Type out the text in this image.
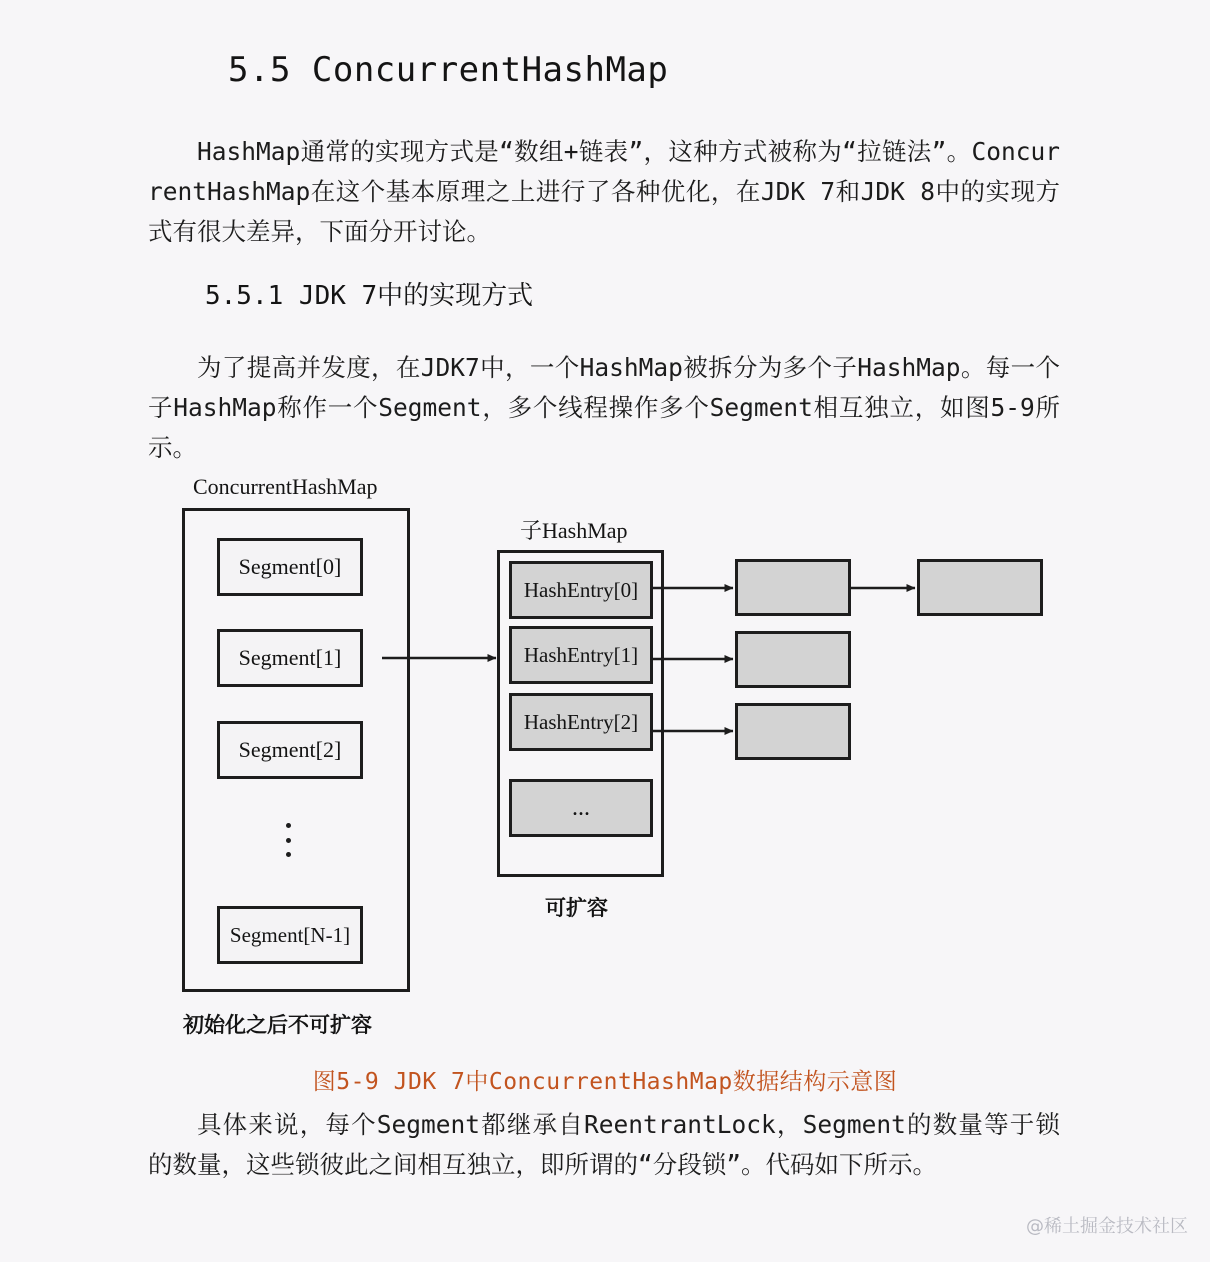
5.5 ConcurrentHashMap
HashMap通常的实现方式是“数组+链表”，这种方式被称为“拉链法”。ConcurrentHashMap在这个基本原理之上进行了各种优化，在JDK 7和JDK 8中的实现方式有很大差异，下面分开讨论。
5.5.1 JDK 7中的实现方式
为了提高并发度，在JDK7中，一个HashMap被拆分为多个子HashMap。每一个子HashMap称作一个Segment，多个线程操作多个Segment相互独立，如图5-9所示。
ConcurrentHashMap
Segment[0]
Segment[1]
Segment[2]
Segment[N-1]
初始化之后不可扩容
子HashMap
HashEntry[0]
HashEntry[1]
HashEntry[2]
...
可扩容
图5-9 JDK 7中ConcurrentHashMap数据结构示意图
具体来说，每个Segment都继承自ReentrantLock，Segment的数量等于锁的数量，这些锁彼此之间相互独立，即所谓的“分段锁”。代码如下所示。
@稀土掘金技术社区
